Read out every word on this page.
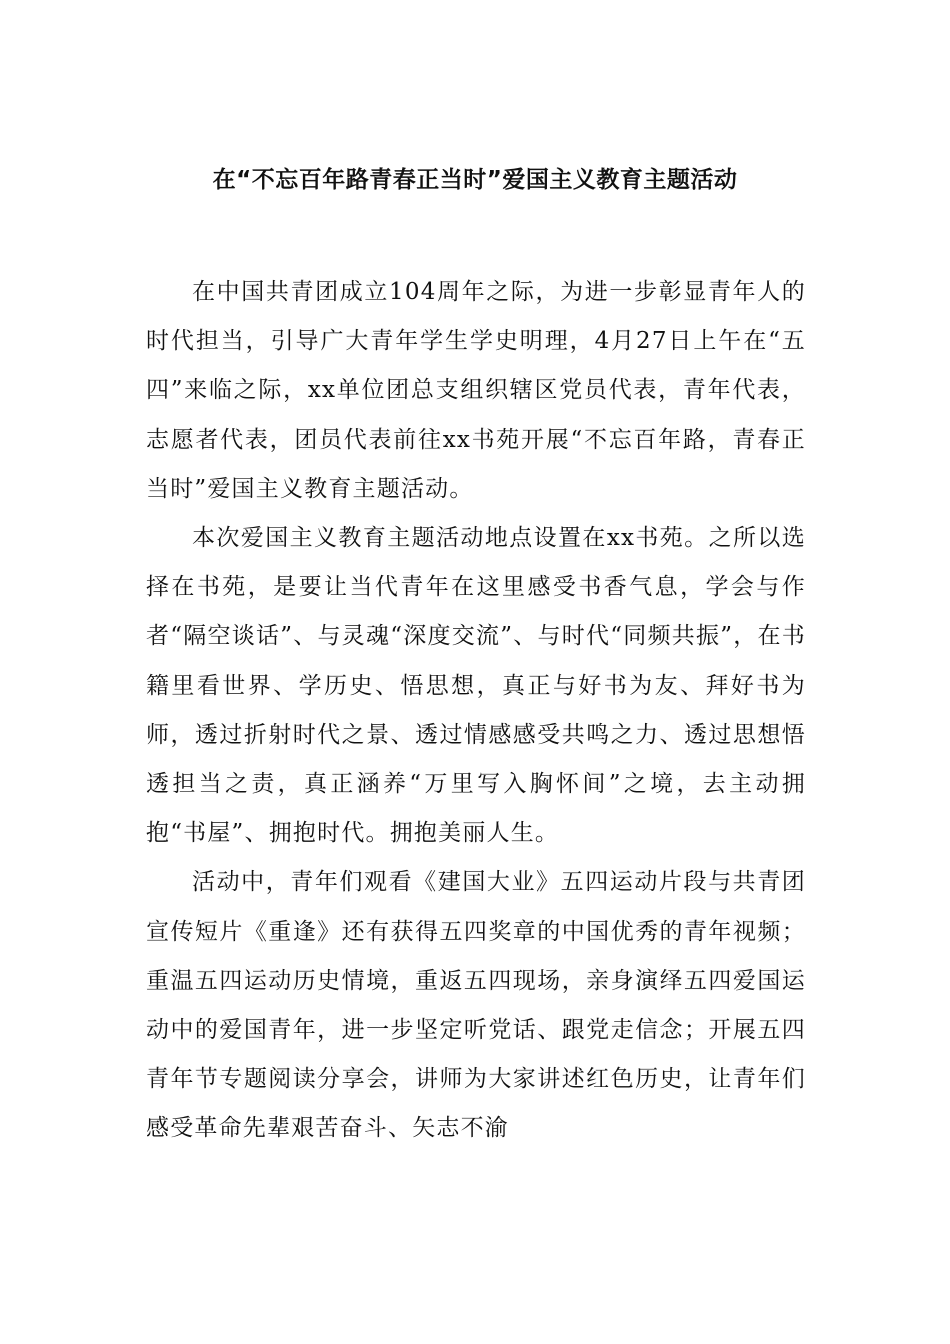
在“不忘百年路青春正当时”爱国主义教育主题活动

在中国共青团成立104周年之际，为进一步彰显青年人的时代担当，引导广大青年学生学史明理，4月27日上午在“五四”来临之际，xx单位团总支组织辖区党员代表，青年代表，志愿者代表，团员代表前往xx书苑开展“不忘百年路，青春正当时”爱国主义教育主题活动。

本次爱国主义教育主题活动地点设置在xx书苑。之所以选择在书苑，是要让当代青年在这里感受书香气息，学会与作者“隔空谈话”、与灵魂“深度交流”、与时代“同频共振”，在书籍里看世界、学历史、悟思想，真正与好书为友、拜好书为师，透过折射时代之景、透过情感感受共鸣之力、透过思想悟透担当之责，真正涵养“万里写入胸怀间”之境，去主动拥抱“书屋”、拥抱时代。拥抱美丽人生。

活动中，青年们观看《建国大业》五四运动片段与共青团宣传短片《重逢》还有获得五四奖章的中国优秀的青年视频；重温五四运动历史情境，重返五四现场，亲身演绎五四爱国运动中的爱国青年，进一步坚定听党话、跟党走信念；开展五四青年节专题阅读分享会，讲师为大家讲述红色历史，让青年们感受革命先辈艰苦奋斗、矢志不渝
